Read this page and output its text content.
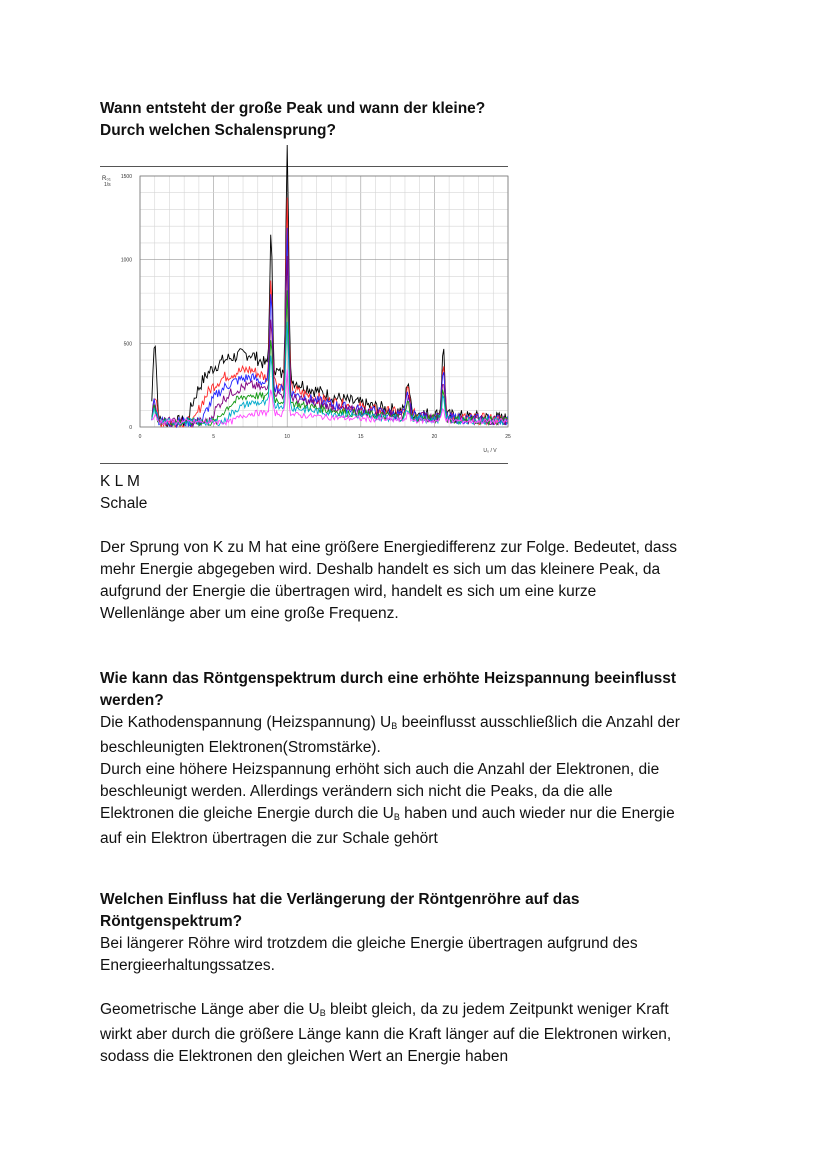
Wann entsteht der große Peak und wann der kleine?
Durch welchen Schalensprung?
0	5	10	15	20	25
0
500
1000
1500
R₀₁
1/s
U₀ / V

K L M

Schale

Der Sprung von K zu M hat eine größere Energiedifferenz zur Folge. Bedeutet, dass

mehr Energie abgegeben wird. Deshalb handelt es sich um das kleinere Peak, da

aufgrund der Energie die übertragen wird, handelt es sich um eine kurze

Wellenlänge aber um eine große Frequenz.

Wie kann das Röntgenspektrum durch eine erhöhte Heizspannung beeinflusst
werden?

Die Kathodenspannung (Heizspannung) $U_B$ beeinflusst ausschließlich die Anzahl der

beschleunigten Elektronen(Stromstärke).

Durch eine höhere Heizspannung erhöht sich auch die Anzahl der Elektronen, die

beschleunigt werden. Allerdings verändern sich nicht die Peaks, da die alle

Elektronen die gleiche Energie durch die $U_B$ haben und auch wieder nur die Energie

auf ein Elektron übertragen die zur Schale gehört

Welchen Einfluss hat die Verlängerung der Röntgenröhre auf das
Röntgenspektrum?

Bei längerer Röhre wird trotzdem die gleiche Energie übertragen aufgrund des

Energieerhaltungssatzes.

Geometrische Länge aber die $U_B$ bleibt gleich, da zu jedem Zeitpunkt weniger Kraft

wirkt aber durch die größere Länge kann die Kraft länger auf die Elektronen wirken,

sodass die Elektronen den gleichen Wert an Energie haben
